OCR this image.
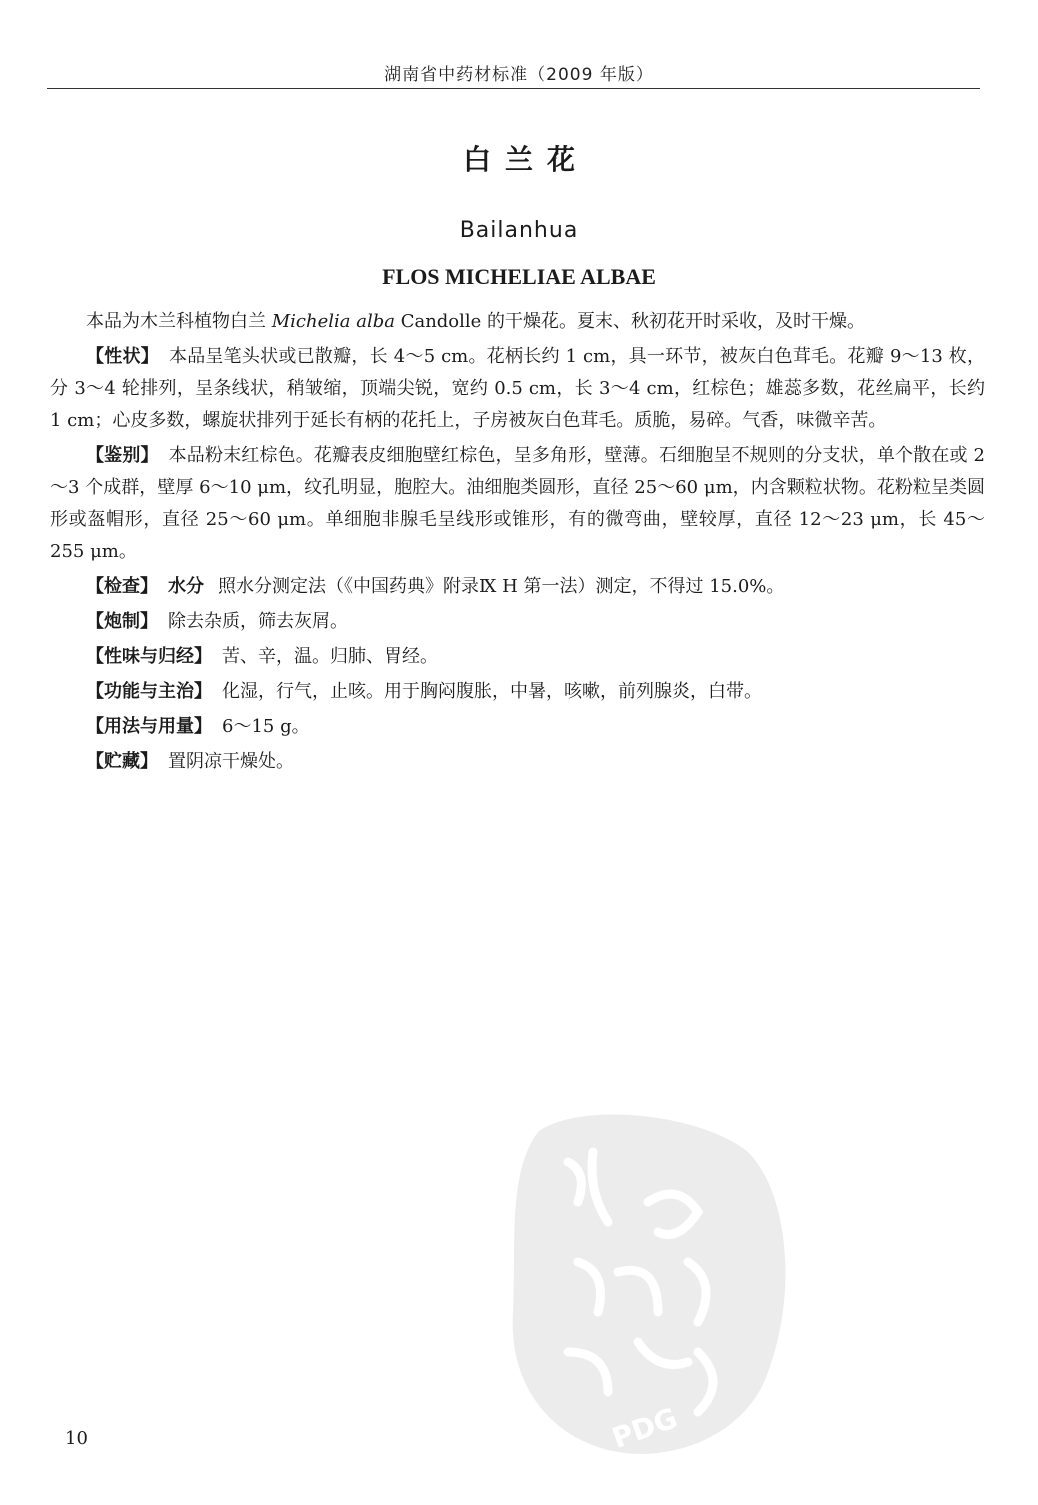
湖南省中药材标准（2009 年版）
白兰花
Bailanhua
FLOS MICHELIAE ALBAE

本品为木兰科植物白兰 Michelia alba Candolle 的干燥花。夏末、秋初花开时采收，及时干燥。

【性状】 本品呈笔头状或已散瓣，长 4～5 cm。花柄长约 1 cm，具一环节，被灰白色茸毛。花瓣 9～13 枚，分 3～4 轮排列，呈条线状，稍皱缩，顶端尖锐，宽约 0.5 cm，长 3～4 cm，红棕色；雄蕊多数，花丝扁平，长约 1 cm；心皮多数，螺旋状排列于延长有柄的花托上，子房被灰白色茸毛。质脆，易碎。气香，味微辛苦。

【鉴别】 本品粉末红棕色。花瓣表皮细胞壁红棕色，呈多角形，壁薄。石细胞呈不规则的分支状，单个散在或 2～3 个成群，壁厚 6～10 μm，纹孔明显，胞腔大。油细胞类圆形，直径 25～60 μm，内含颗粒状物。花粉粒呈类圆形或盔帽形，直径 25～60 μm。单细胞非腺毛呈线形或锥形，有的微弯曲，壁较厚，直径 12～23 μm，长 45～255 μm。

【检查】 水分 照水分测定法（《中国药典》附录Ⅸ H 第一法）测定，不得过 15.0%。

【炮制】 除去杂质，筛去灰屑。

【性味与归经】 苦、辛，温。归肺、胃经。

【功能与主治】 化湿，行气，止咳。用于胸闷腹胀，中暑，咳嗽，前列腺炎，白带。

【用法与用量】 6～15 g。

【贮藏】 置阴凉干燥处。

PDG
10
